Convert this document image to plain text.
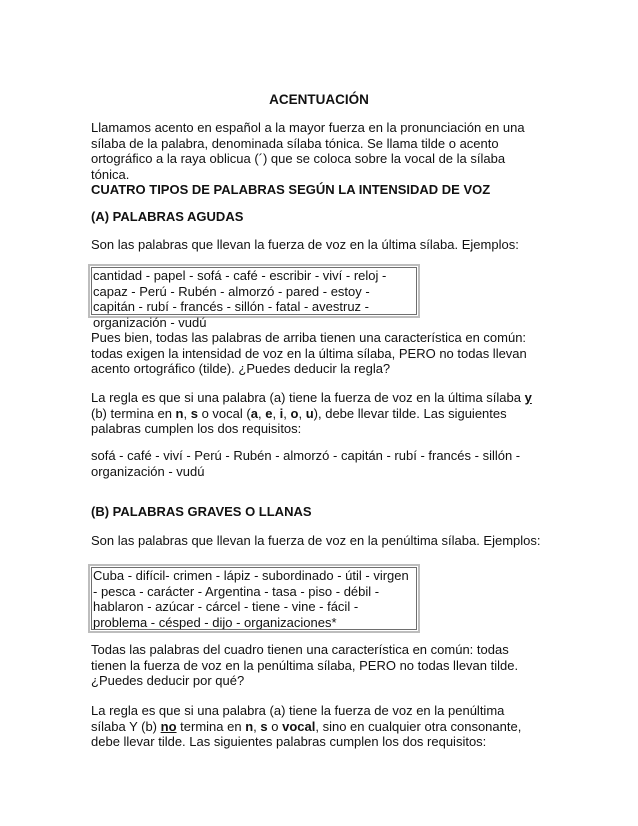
ACENTUACIÓN

Llamamos acento en español a la mayor fuerza en la pronunciación en una sílaba de la palabra, denominada sílaba tónica. Se llama tilde o acento ortográfico a la raya oblicua (´) que se coloca sobre la vocal de la sílaba tónica.

CUATRO TIPOS DE PALABRAS SEGÚN LA INTENSIDAD DE VOZ

(A) PALABRAS AGUDAS

Son las palabras que llevan la fuerza de voz en la última sílaba. Ejemplos:

cantidad - papel - sofá - café - escribir - viví - reloj - capaz - Perú - Rubén - almorzó - pared - estoy - capitán - rubí - francés - sillón - fatal - avestruz - organización - vudú

Pues bien, todas las palabras de arriba tienen una característica en común: todas exigen la intensidad de voz en la última sílaba, PERO no todas llevan acento ortográfico (tilde). ¿Puedes deducir la regla?

La regla es que si una palabra (a) tiene la fuerza de voz en la última sílaba y (b) termina en n, s o vocal (a, e, i, o, u), debe llevar tilde. Las siguientes palabras cumplen los dos requisitos:

sofá - café - viví - Perú - Rubén - almorzó - capitán - rubí - francés - sillón - organización - vudú

(B) PALABRAS GRAVES O LLANAS

Son las palabras que llevan la fuerza de voz en la penúltima sílaba. Ejemplos:

Cuba - difícil- crimen - lápiz - subordinado - útil - virgen - pesca - carácter - Argentina - tasa - piso - débil - hablaron - azúcar - cárcel - tiene - vine - fácil - problema - césped - dijo - organizaciones*

Todas las palabras del cuadro tienen una característica en común: todas tienen la fuerza de voz en la penúltima sílaba, PERO no todas llevan tilde. ¿Puedes deducir por qué?

La regla es que si una palabra (a) tiene la fuerza de voz en la penúltima sílaba Y (b) no termina en n, s o vocal, sino en cualquier otra consonante, debe llevar tilde. Las siguientes palabras cumplen los dos requisitos:
